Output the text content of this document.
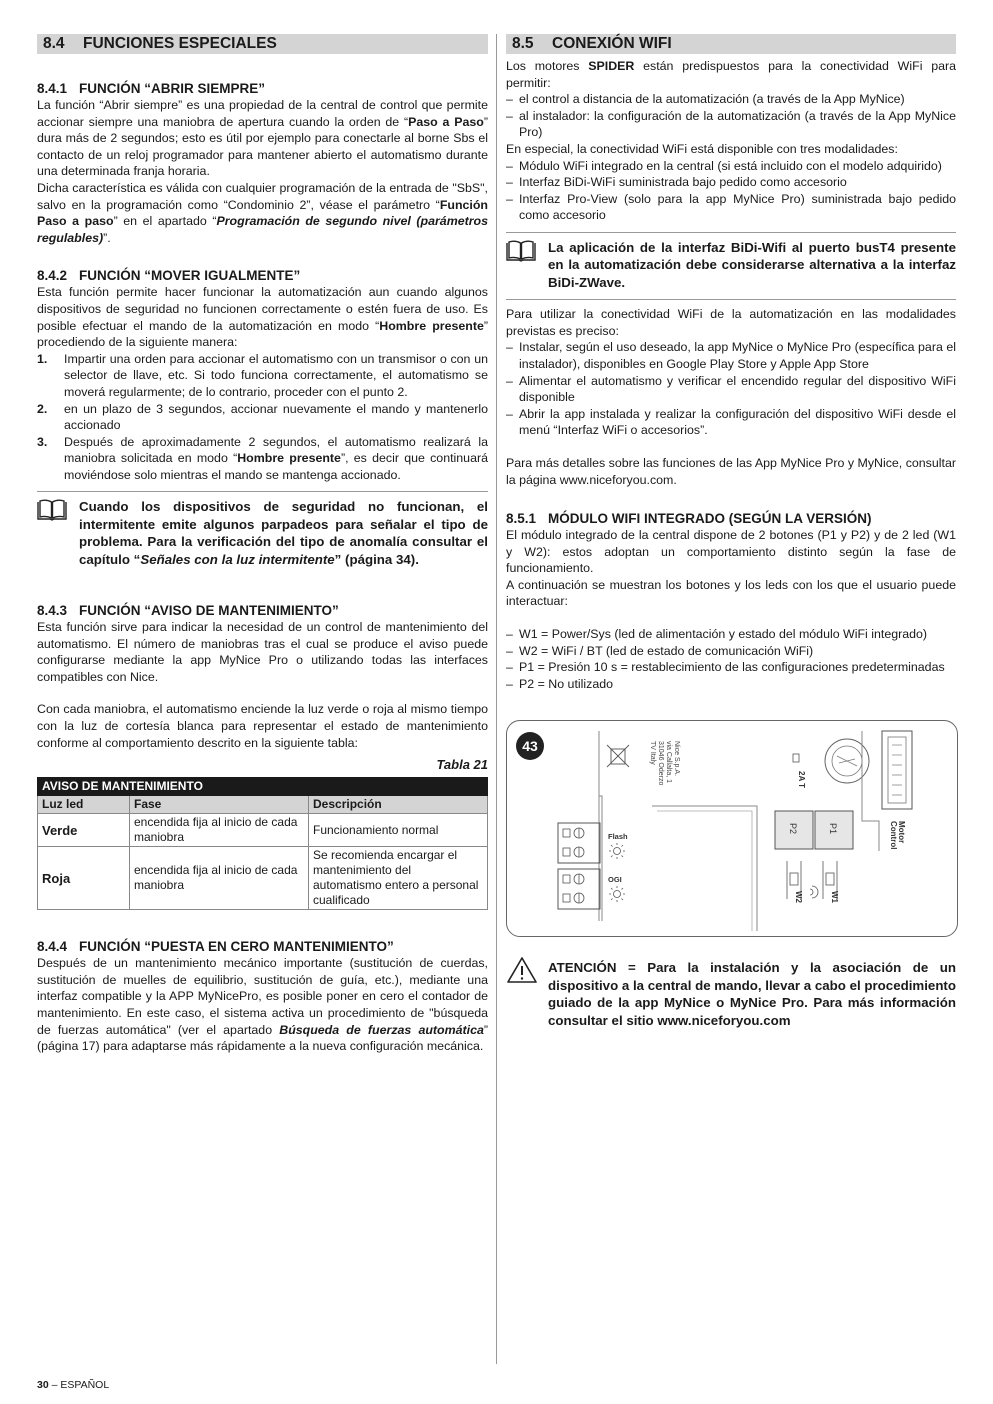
8.4 FUNCIONES ESPECIALES
8.4.1 FUNCIÓN “ABRIR SIEMPRE”

La función “Abrir siempre” es una propiedad de la central de control que permite accionar siempre una maniobra de apertura cuando la orden de “Paso a Paso” dura más de 2 segundos; esto es útil por ejemplo para conectarle al borne Sbs el contacto de un reloj programador para mantener abierto el automatismo durante una determinada franja horaria.

Dicha característica es válida con cualquier programación de la entrada de "SbS", salvo en la programación como “Condominio 2”, véase el parámetro “Función Paso a paso” en el apartado “Programación de segundo nivel (parámetros regulables)”.

8.4.2 FUNCIÓN “MOVER IGUALMENTE”

Esta función permite hacer funcionar la automatización aun cuando algunos dispositivos de seguridad no funcionen correctamente o estén fuera de uso. Es posible efectuar el mando de la automatización en modo “Hombre presente” procediendo de la siguiente manera:

1. Impartir una orden para accionar el automatismo con un transmisor o con un selector de llave, etc. Si todo funciona correctamente, el automatismo se moverá regularmente; de lo contrario, proceder con el punto 2.
2. en un plazo de 3 segundos, accionar nuevamente el mando y mantenerlo accionado
3. Después de aproximadamente 2 segundos, el automatismo realizará la maniobra solicitada en modo “Hombre presente”, es decir que continuará moviéndose solo mientras el mando se mantenga accionado.
Cuando los dispositivos de seguridad no funcionan, el intermitente emite algunos parpadeos para señalar el tipo de problema. Para la verificación del tipo de anomalía consultar el capítulo “Señales con la luz intermitente” (página 34).
8.4.3 FUNCIÓN “AVISO DE MANTENIMIENTO”

Esta función sirve para indicar la necesidad de un control de mantenimiento del automatismo. El número de maniobras tras el cual se produce el aviso puede configurarse mediante la app MyNice Pro o utilizando todas las interfaces compatibles con Nice.

Con cada maniobra, el automatismo enciende la luz verde o roja al mismo tiempo con la luz de cortesía blanca para representar el estado de mantenimiento conforme al comportamiento descrito en la siguiente tabla:

Tabla 21
AVISO DE MANTENIMIENTO		
Luz led	Fase	Descripción
Verde	encendida fija al inicio de cada maniobra	Funcionamiento normal
Roja	encendida fija al inicio de cada maniobra	Se recomienda encargar el mantenimiento del automatismo entero a personal cualificado
8.4.4 FUNCIÓN “PUESTA EN CERO MANTENIMIENTO”

Después de un mantenimiento mecánico importante (sustitución de cuerdas, sustitución de muelles de equilibrio, sustitución de guía, etc.), mediante una interfaz compatible y la APP MyNicePro, es posible poner en cero el contador de mantenimiento. En este caso, el sistema activa un procedimiento de "búsqueda de fuerzas automática" (ver el apartado Búsqueda de fuerzas automática” (página 17) para adaptarse más rápidamente a la nueva configuración mecánica.

8.5 CONEXIÓN WIFI

Los motores SPIDER están predispuestos para la conectividad WiFi para permitir:

– el control a distancia de la automatización (a través de la App MyNice)
– al instalador: la configuración de la automatización (a través de la App MyNice Pro)

En especial, la conectividad WiFi está disponible con tres modalidades:

– Módulo WiFi integrado en la central (si está incluido con el modelo adquirido)
– Interfaz BiDi-WiFi suministrada bajo pedido como accesorio
– Interfaz Pro-View (solo para la app MyNice Pro) suministrada bajo pedido como accesorio
La aplicación de la interfaz BiDi-Wifi al puerto busT4 presente en la automatización debe considerarse alternativa a la interfaz BiDi-ZWave.

Para utilizar la conectividad WiFi de la automatización en las modalidades previstas es preciso:

– Instalar, según el uso deseado, la app MyNice o MyNice Pro (específica para el instalador), disponibles en Google Play Store y Apple App Store
– Alimentar el automatismo y verificar el encendido regular del dispositivo WiFi disponible
– Abrir la app instalada y realizar la configuración del dispositivo WiFi desde el menú “Interfaz WiFi o accesorios”.

Para más detalles sobre las funciones de las App MyNice Pro y MyNice, consultar la página www.niceforyou.com.

8.5.1 MÓDULO WIFI INTEGRADO (SEGÚN LA VERSIÓN)

El módulo integrado de la central dispone de 2 botones (P1 y P2) y de 2 led (W1 y W2): estos adoptan un comportamiento distinto según la fase de funcionamiento.

A continuación se muestran los botones y los leds con los que el usuario puede interactuar:

– W1 = Power/Sys (led de alimentación y estado del módulo WiFi integrado)
– W2 = WiFi / BT (led de estado de comunicación WiFi)
– P1 = Presión 10 s = restablecimiento de las configuraciones predeterminadas
– P2 = No utilizado
43	Nice S.p.A.
via Callalta, 1
31046 Oderzo
TV Italy
2A T
P2	P1
W2	W1
Motor
Control
Flash
OGI
ATENCIÓN = Para la instalación y la asociación de un dispositivo a la central de mando, llevar a cabo el procedimiento guiado de la app MyNice o MyNice Pro. Para más información consultar el sitio www.niceforyou.com
30 – ESPAÑOL
